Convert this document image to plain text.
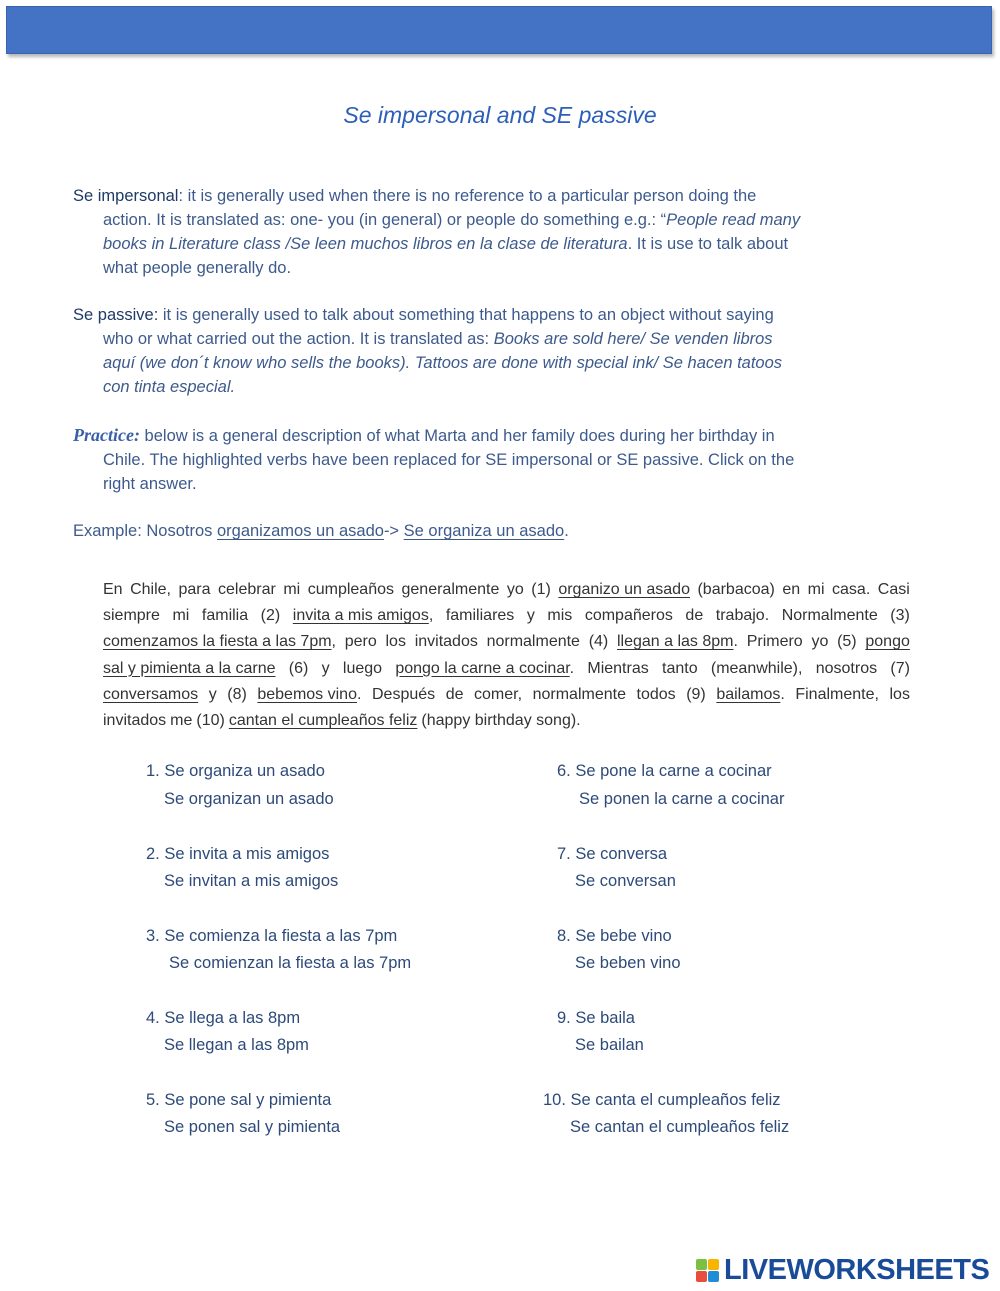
Se impersonal and SE passive
Se impersonal: it is generally used when there is no reference to a particular person doing the
action. It is translated as: one- you (in general) or people do something e.g.: “People read many
books in Literature class /Se leen muchos libros en la clase de literatura. It is use to talk about
what people generally do.
Se passive: it is generally used to talk about something that happens to an object without saying
who or what carried out the action. It is translated as: Books are sold here/ Se venden libros
aquí (we don´t know who sells the books). Tattoos are done with special ink/ Se hacen tatoos
con tinta especial.
Practice: below is a general description of what Marta and her family does during her birthday in
Chile. The highlighted verbs have been replaced for SE impersonal or SE passive. Click on the
right answer.
Example: Nosotros organizamos un asado-> Se organiza un asado.
En Chile, para celebrar mi cumpleaños generalmente yo (1) organizo un asado (barbacoa) en mi casa. Casi
siempre mi familia (2) invita a mis amigos, familiares y mis compañeros de trabajo. Normalmente (3)
comenzamos la fiesta a las 7pm, pero los invitados normalmente (4) llegan a las 8pm. Primero yo (5) pongo
sal y pimienta a la carne (6) y luego pongo la carne a cocinar. Mientras tanto (meanwhile), nosotros (7)
conversamos y (8) bebemos vino. Después de comer, normalmente todos (9) bailamos. Finalmente, los
invitados me (10) cantan el cumpleaños feliz (happy birthday song).
1. Se organiza un asado
Se organizan un asado
2. Se invita a mis amigos
Se invitan a mis amigos
3. Se comienza la fiesta a las 7pm
Se comienzan la fiesta a las 7pm
4. Se llega a las 8pm
Se llegan a las 8pm
5. Se pone sal y pimienta
Se ponen sal y pimienta
6. Se pone la carne a cocinar
Se ponen la carne a cocinar
7. Se conversa
Se conversan
8. Se bebe vino
Se beben vino
9. Se baila
Se bailan
10. Se canta el cumpleaños feliz
Se cantan el cumpleaños feliz
LIVEWORKSHEETS
